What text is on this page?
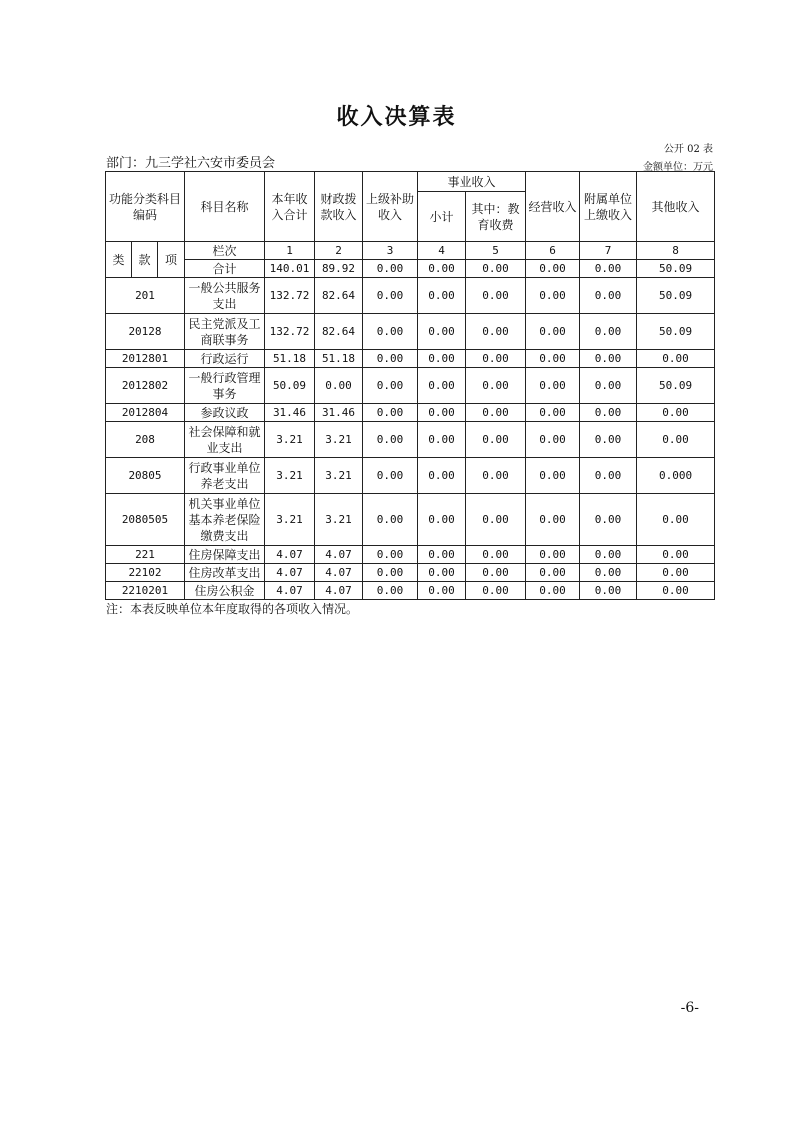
收入决算表
公开 02 表
部门：九三学社六安市委员会	金额单位：万元
功能分类科目编码			科目名称	本年收入合计	财政拨款收入	上级补助收入	事业收入		经营收入	附属单位上缴收入	其他收入
							小计	其中：教育收费			
类	款	项	栏次	1	2	3	4	5	6	7	8
			合计	140.01	89.92	0.00	0.00	0.00	0.00	0.00	50.09
201			一般公共服务支出	132.72	82.64	0.00	0.00	0.00	0.00	0.00	50.09
20128			民主党派及工商联事务	132.72	82.64	0.00	0.00	0.00	0.00	0.00	50.09
2012801			行政运行	51.18	51.18	0.00	0.00	0.00	0.00	0.00	0.00
2012802			一般行政管理事务	50.09	0.00	0.00	0.00	0.00	0.00	0.00	50.09
2012804			参政议政	31.46	31.46	0.00	0.00	0.00	0.00	0.00	0.00
208			社会保障和就业支出	3.21	3.21	0.00	0.00	0.00	0.00	0.00	0.00
20805			行政事业单位养老支出	3.21	3.21	0.00	0.00	0.00	0.00	0.00	0.000
2080505			机关事业单位基本养老保险缴费支出	3.21	3.21	0.00	0.00	0.00	0.00	0.00	0.00
221			住房保障支出	4.07	4.07	0.00	0.00	0.00	0.00	0.00	0.00
22102			住房改革支出	4.07	4.07	0.00	0.00	0.00	0.00	0.00	0.00
2210201			住房公积金	4.07	4.07	0.00	0.00	0.00	0.00	0.00	0.00
注：本表反映单位本年度取得的各项收入情况。
-6-
